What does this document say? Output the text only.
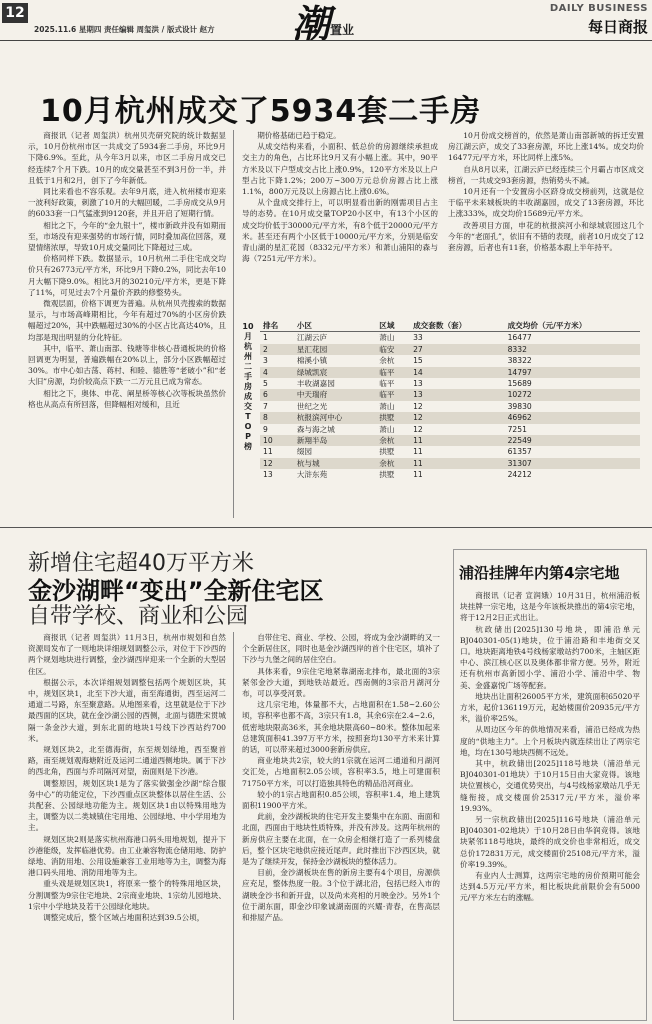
12
2025.11.6 星期四 责任编辑 周玺洪 / 版式设计 赵方 潮 置业
DAILY BUSINESS
每日商报
10月杭州成交了5934套二手房

商报讯（记者 周玺洪）杭州贝壳研究院的统计数据显示，10月份杭州市区一共成交了5934套二手房，环比9月下降6.9%。至此，从今年3月以来，市区二手房月成交已经连续7个月下跌。10月的成交量甚至不到3月份一半，并且低于1月和2月，创下了今年新低。

同比来看也不容乐观。去年9月底，进入杭州楼市迎来一波利好政策，刺激了10月的大幅回暖，二手房成交从9月的6033套一口气猛涨到9120套，并且开启了短期行情。

相比之下，今年的“金九银十”，楼市新政并没有如期而至，市场没有迎来强势的市场行情，同时叠加高位回落，观望情绪浓厚，导致10月成交量同比下降超过三成。

价格同样下跌。数据显示，10月杭州二手住宅成交均价只有26773元/平方米，环比9月下降0.2%，同比去年10月大幅下降9.0%。相比3月的30210元/平方米，更是下降了11%，可见过去7个月量价齐跌的修整势头。

微观层面，价格下调更为普遍。从杭州贝壳搜索的数据显示，与市场高峰期相比，今年有超过70%的小区房价跌幅超过20%，其中跌幅超过30%的小区占比高达40%，且均部是现出明显的分化特征。

其中，临平、萧山南部、钱塘等非核心普通板块的价格回调更为明显，普遍跌幅在20%以上，部分小区跌幅超过30%。市中心如古荡、蒋村、和睦、德胜等“老破小”和“老大旧”房源，均价较高点下跌一二万元且已成为常态。

相比之下，奥体、申花、阐星桥等核心次等板块虽然价格也从高点有所回落，但降幅相对缓和，且近

期价格基础已趋于稳定。

从成交结构来看，小面积、低总价的房源继续承担成交主力的角色，占比环比9月又有小幅上涨。其中，90平方米及以下户型成交占比上涨0.9%，120平方米及以上户型占比下降1.2%；200万~300万元总价房源占比上涨1.1%，800万元及以上房源占比上涨0.6%。

从个盘成交排行上，可以明显看出新的刚需项目占主导的态势。在10月成交量TOP20小区中，有13个小区的成交均价低于30000元/平方米，有8个低于20000元/平方米。甚至还有两个小区低于10000元/平方米，分别是临安青山湖的星汇花园（8332元/平方米）和萧山浦阳的森与海（7251元/平方米）。

10月份成交榜首的，依然是萧山南部新城的拆迁安置房江湖云庐，成交了33套房源，环比上涨14%。成交均价16477元/平方米，环比同样上涨5%。

自从8月以来，江湖云庐已经连续三个月霸占市区成交榜首，一共成交93套房源，热销势头不减。

10月还有一个安置房小区跻身成交榜前列，这就是位于临平未来城板块的丰收湖嘉园，成交了13套房源，环比上涨333%，成交均价15689元/平方米。

改善项目方面，申花的杭报滨河小和绿城宸园这几个今年的“老面孔”，依旧有不错的表现，前者10月成交了12套房源，后者也有11套，价格基本跟上半年持平。

10月杭州二手房成交TOP榜
排名	小区	区域	成交套数（套）	成交均价（元/平方米）
1	江湖云庐	萧山	33	16477
2	星汇花园	临安	27	8332
3	棉溪小镇	余杭	15	38322
4	绿城凯宸	临平	14	14797
5	丰收湖嘉园	临平	13	15689
6	中天瑞府	临平	13	10272
7	世纪之光	萧山	12	39830
8	杭报滨河中心	拱墅	12	46962
9	森与海之城	萧山	12	7251
10	新翔半岛	余杭	11	22549
11	缀园	拱墅	11	61357
12	杭与城	余杭	11	31307
13	大浒东苑	拱墅	11	24212
新增住宅超40万平方米
金沙湖畔“变出”全新住宅区
自带学校、商业和公园

商报讯（记者 周玺洪）11月3日，杭州市规划和自然资源局发布了一则地块详细规划调整公示，对位于下沙西的两个规划地块进行调整，金沙湖西岸迎来一个全新的大型居住区。

根据公示，本次详细规划调整包括两个规划区块，其中，规划区块1，北至下沙大道，南至海通街，西至运河二通道二号路，东至聚意路。从地图来看，这里就是位于下沙最西面的区块，就在金沙湖公园的西侧，北面与德胜宋贯城隔一条金沙大道，到东北面的地块1号线下沙西站约700米。

规划区块2，北至德海街，东至规划绿地，西至聚首路，南至规划观海塘附近及运河二通道西侧地块。属于下沙的西北角，西面与乔司隔河对望，南面则是下沙港。

调整原因，规划区块1是为了落实做强金沙湖“综合服务中心”的功能定位，下沙西重点区块整体以居住生活、公共配套、公园绿地功能为主。规划区块1由以特殊用地为主，调整为以二类城镇住宅用地、公园绿地、中小学用地为主。

规划区块2则是落实杭州海港口码头用地规划，提升下沙港能级，发挥临港优势。由工业兼容物流仓储用地、防护绿地、消防用地、公用设施兼容工业用地等为主，调整为海港口码头用地、消防用地等为主。

重头戏是规划区块1，将原来一整个的特殊用地区块，分割调整为9宗住宅地块、2宗商业地块、1宗幼儿园地块、1宗中小学地块及若干公园绿化地块。

调整完成后，整个区域占地面积达到39.5公顷，

自带住宅、商业、学校、公园，将成为金沙湖畔的又一个全新居住区，同时也是金沙湖西岸的首个住宅区，填补了下沙与九堡之间的居住空白。

具体来看，9宗住宅地紧靠湖南北排布，最北面的3宗紧邻金沙大道，到地铁站最近。西南侧的3宗沿月湖河分布，可以享受河景。

这几宗宅地，体量都不大，占地面积在1.58~2.60公顷，容积率也都不高，3宗只有1.8，其余6宗在2.4~2.6，低密地块限高36米，其余地块限高60~80米。整体加起来总建筑面积41.397万平方米，按照套均130平方米来计算的话，可以带来超过3000套新房供应。

商业地块共2宗，较大的1宗就在运河二通道和月湖河交汇处，占地面积2.05公顷，容积率3.5，地上可建面积71750平方米，可以打造独具特色的精品沿河商业。

较小的1宗占地面积0.85公顷，容积率1.4，地上建筑面积11900平方米。

此前，金沙湖板块的住宅开发主要集中在东面、南面和北面，西面由于地块性质特殊，并没有涉及。这两年杭州的新房供应主要在北面，在一众房企相继打造了一系列楼盘后，整个区块宅地供应接近尾声。此时推出下沙西区块，就是为了继续开发，保持金沙湖板块的整体活力。

目前，金沙湖板块在售的新房主要有4个项目，房源供应充足，整体热度一般。3个位于湖北沿，包括已经入市的湖映金沙书和新开盘，以及尚未亮相的月映金沙。另外1个位于湖东面，即金沙印象诚湖南面的兴耀·青春，在售高层和排屋产品。

浦沿挂牌年内第4宗宅地

商报讯（记者 宣润娥）10月31日，杭州浦沿板块挂牌一宗宅地，这是今年该板块推出的第4宗宅地，将于12月2日正式出让。

杭政储出[2025]130号地块，即浦沿单元BJ040301-05(1)地块，位于浦沿路和丰地街交叉口。地块距离地铁4号线杨家墩站约700米，主轴区距中心、滨江核心区以及奥体都非常方便。另外，附近还有杭州市高新园小学、浦沿小学、浦沿中学、物美、金盛嘉悦广场等配套。

地块出让面积26005平方米，建筑面积65020平方米，起价136119万元，起始楼面价20935元/平方米，溢价率25%。

从周边区今年的供地情况来看，浦沿已经成为热度的“供地主力”。上个月板块内就连续出让了两宗宅地，均在130号地块西侧不远处。

其中，杭政储出[2025]118号地块（浦沿单元BJ040301-01地块）于10月15日由大家竞得。该地块位置核心，交通优势突出，与4号线杨家墩站几乎无缝衔接，成交楼面价25317元/平方米，溢价率19.93%。

另一宗杭政储出[2025]116号地块（浦沿单元BJ040301-02地块）于10月28日由华润竞得。该地块紧邻118号地块，最终的成交价也非常相近，成交总价172831万元，成交楼面价25108元/平方米，溢价率19.39%。

有业内人士测算，这两宗宅地的房价预期可能会达到4.5万元/平方米，相比板块此前限价会有5000元/平方米左右的涨幅。
